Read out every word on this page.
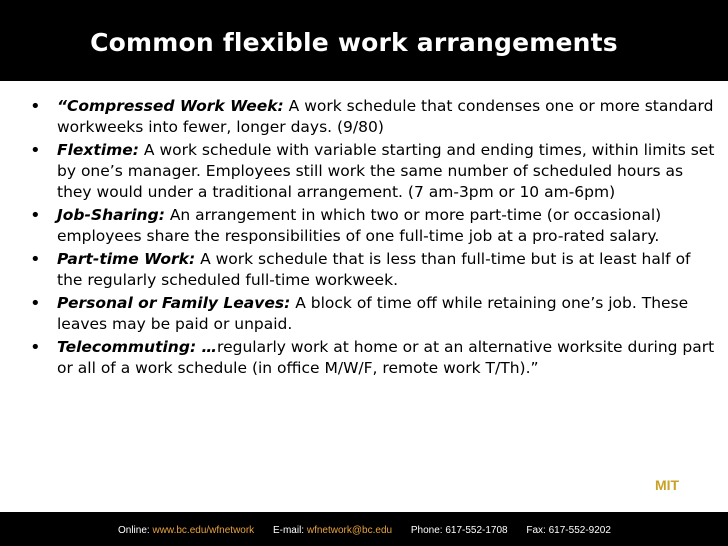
Common flexible work arrangements
•	“Compressed Work Week: A work schedule that condenses one or more standard workweeks into fewer, longer days. (9/80)
•	Flextime: A work schedule with variable starting and ending times, within limits set by one’s manager. Employees still work the same number of scheduled hours as they would under a traditional arrangement. (7 am-3pm or 10 am-6pm)
•	Job-Sharing: An arrangement in which two or more part-time (or occasional) employees share the responsibilities of one full-time job at a pro-rated salary.
•	Part-time Work: A work schedule that is less than full-time but is at least half of the regularly scheduled full-time workweek.
•	Personal or Family Leaves: A block of time off while retaining one’s job. These leaves may be paid or unpaid.
•	Telecommuting: …regularly work at home or at an alternative worksite during part or all of a work schedule (in office M/W/F, remote work T/Th).”
MIT
Online: www.bc.edu/wfnetwork E-mail: wfnetwork@bc.edu Phone: 617-552-1708 Fax: 617-552-9202
